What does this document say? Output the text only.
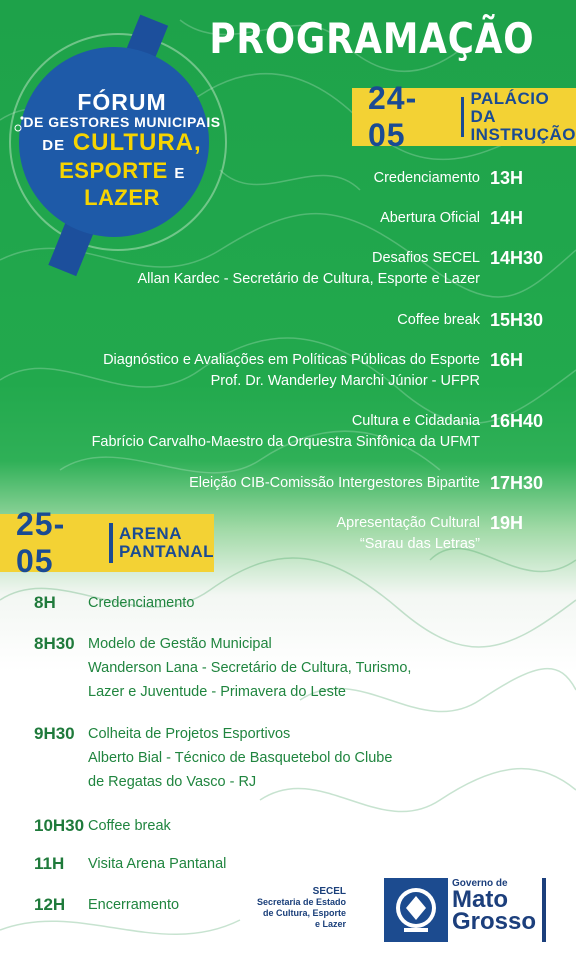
FÓRUM
DE GESTORES MUNICIPAIS
DE CULTURA,
ESPORTE E LAZER
PROGRAMAÇÃO
24-05
PALÁCIO DA
INSTRUÇÃO
Credenciamento 13H
Abertura Oficial 14H
Desafios SECEL
Allan Kardec - Secretário de Cultura, Esporte e Lazer
14H30
Coffee break 15H30
Diagnóstico e Avaliações em Políticas Públicas do Esporte
Prof. Dr. Wanderley Marchi Júnior - UFPR
16H
Cultura e Cidadania
Fabrício Carvalho-Maestro da Orquestra Sinfônica da UFMT
16H40
Eleição CIB-Comissão Intergestores Bipartite 17H30
Apresentação Cultural
“Sarau das Letras”
19H
25-05
ARENA
PANTANAL
8H	Credenciamento
8H30 Modelo de Gestão Municipal
Wanderson Lana - Secretário de Cultura, Turismo,
Lazer e Juventude - Primavera do Leste
9H30 Colheita de Projetos Esportivos
Alberto Bial - Técnico de Basquetebol do Clube
de Regatas do Vasco - RJ
10H30 Coffee break
11H	Visita Arena Pantanal
12H	Encerramento
SECEL
Secretaria de Estado
de Cultura, Esporte
e Lazer
Governo de
Mato
Grosso
